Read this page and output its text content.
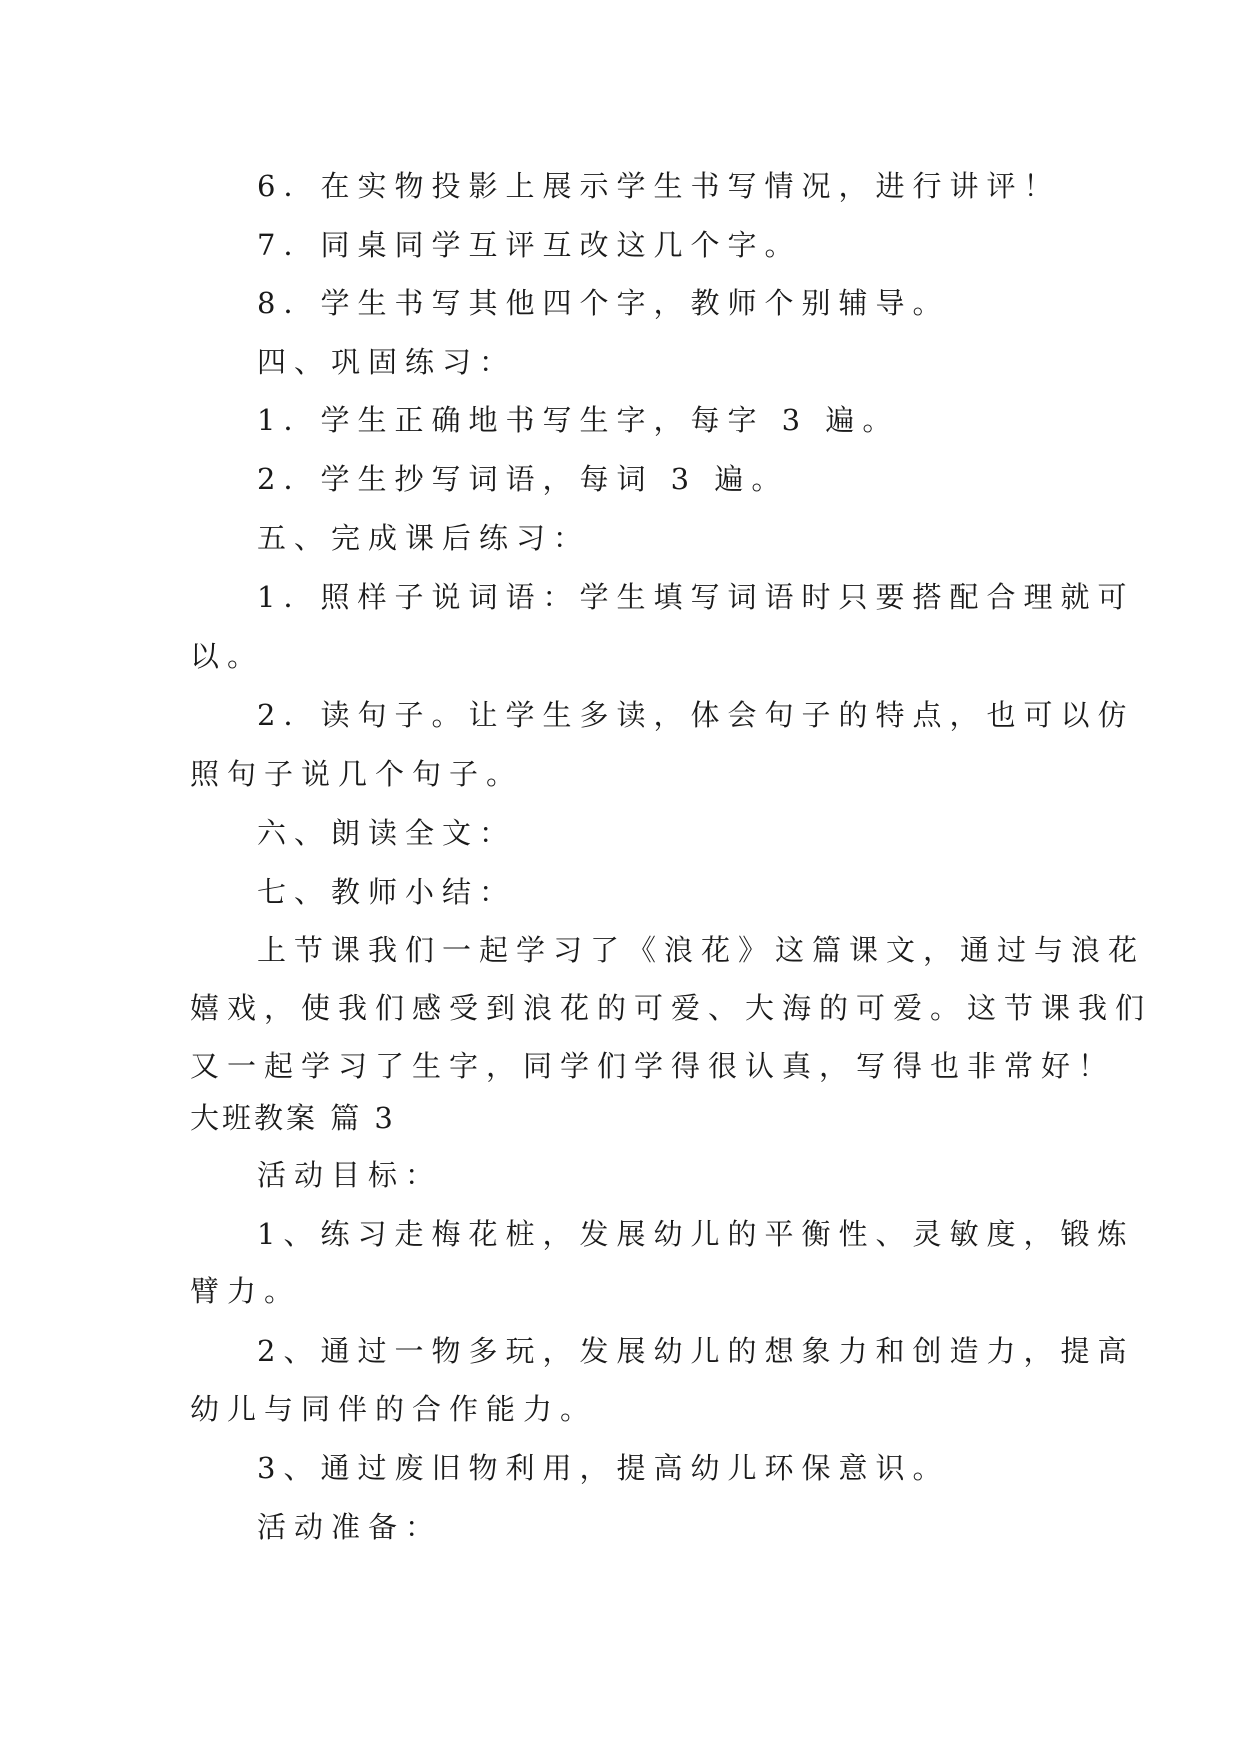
6．在实物投影上展示学生书写情况，进行讲评！
7．同桌同学互评互改这几个字。
8．学生书写其他四个字，教师个别辅导。
四、巩固练习：
1．学生正确地书写生字，每字 3 遍。
2．学生抄写词语，每词 3 遍。
五、完成课后练习：
1．照样子说词语：学生填写词语时只要搭配合理就可
以。
2．读句子。让学生多读，体会句子的特点，也可以仿
照句子说几个句子。
六、朗读全文：
七、教师小结：
上节课我们一起学习了《浪花》这篇课文，通过与浪花
嬉戏，使我们感受到浪花的可爱、大海的可爱。这节课我们
又一起学习了生字，同学们学得很认真，写得也非常好！
大班教案 篇 3
活动目标：
1、练习走梅花桩，发展幼儿的平衡性、灵敏度，锻炼
臂力。
2、通过一物多玩，发展幼儿的想象力和创造力，提高
幼儿与同伴的合作能力。
3、通过废旧物利用，提高幼儿环保意识。
活动准备：
